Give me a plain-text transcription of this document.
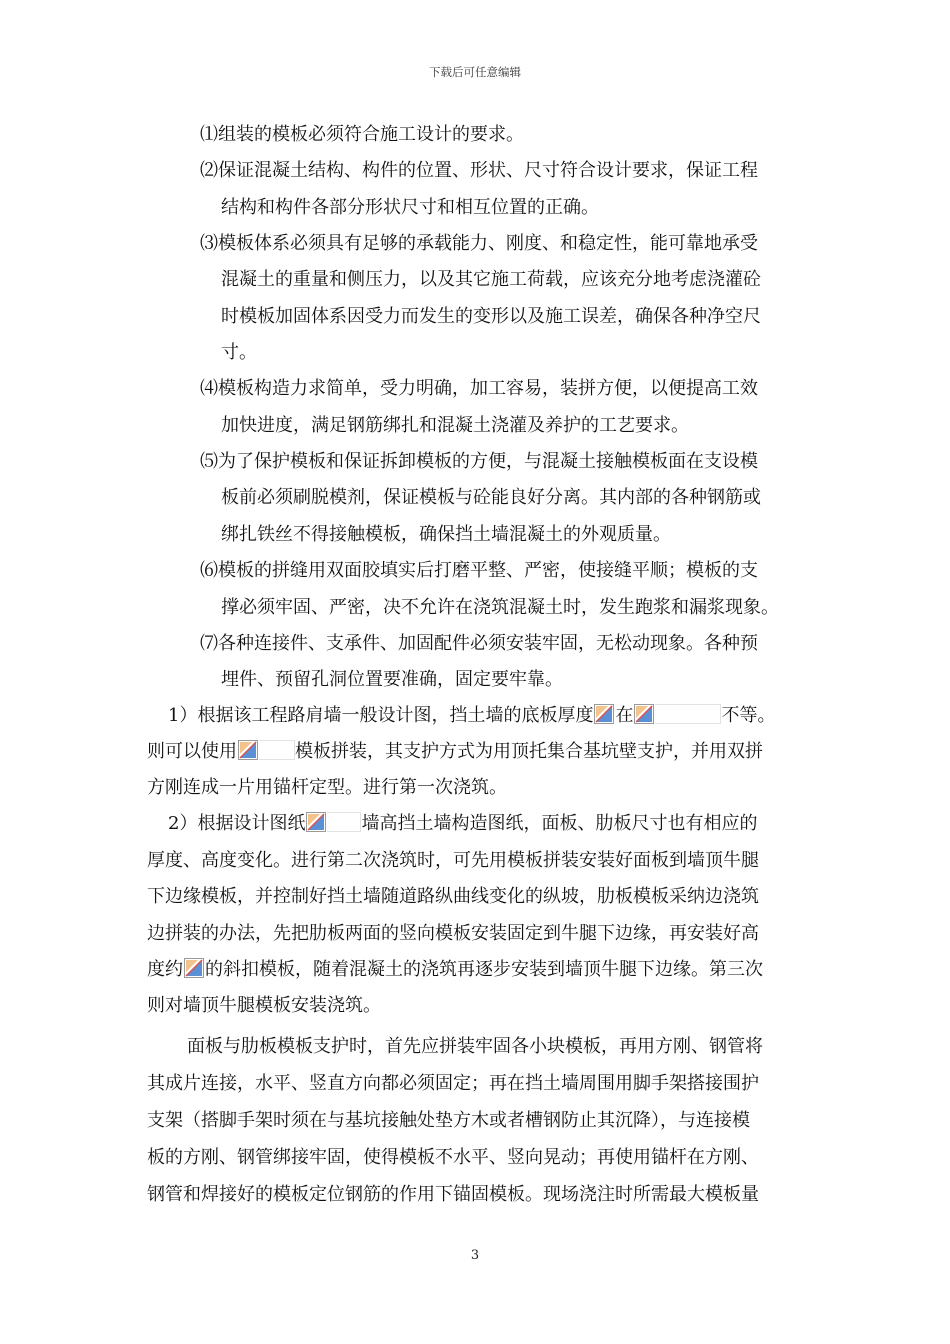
下载后可任意编辑
⑴组装的模板必须符合施工设计的要求。
⑵保证混凝土结构、构件的位置、形状、尺寸符合设计要求，保证工程
结构和构件各部分形状尺寸和相互位置的正确。
⑶模板体系必须具有足够的承载能力、刚度、和稳定性，能可靠地承受
混凝土的重量和侧压力，以及其它施工荷载，应该充分地考虑浇灌砼
时模板加固体系因受力而发生的变形以及施工误差，确保各种净空尺
寸。
⑷模板构造力求简单，受力明确，加工容易，装拼方便，以便提高工效
加快进度，满足钢筋绑扎和混凝土浇灌及养护的工艺要求。
⑸为了保护模板和保证拆卸模板的方便，与混凝土接触模板面在支设模
板前必须刷脱模剂，保证模板与砼能良好分离。其内部的各种钢筋或
绑扎铁丝不得接触模板，确保挡土墙混凝土的外观质量。
⑹模板的拼缝用双面胶填实后打磨平整、严密，使接缝平顺；模板的支
撑必须牢固、严密，决不允许在浇筑混凝土时，发生跑浆和漏浆现象。
⑺各种连接件、支承件、加固配件必须安装牢固，无松动现象。各种预
埋件、预留孔洞位置要准确，固定要牢靠。
1）根据该工程路肩墙一般设计图，挡土墙的底板厚度 在	不等。
则可以使用	模板拼装，其支护方式为用顶托集合基坑壁支护，并用双拼
方刚连成一片用锚杆定型。进行第一次浇筑。
2）根据设计图纸	墙高挡土墙构造图纸，面板、肋板尺寸也有相应的
厚度、高度变化。进行第二次浇筑时，可先用模板拼装安装好面板到墙顶牛腿
下边缘模板，并控制好挡土墙随道路纵曲线变化的纵坡，肋板模板采纳边浇筑
边拼装的办法，先把肋板两面的竖向模板安装固定到牛腿下边缘，再安装好高
度约 的斜扣模板，随着混凝土的浇筑再逐步安装到墙顶牛腿下边缘。第三次
则对墙顶牛腿模板安装浇筑。
面板与肋板模板支护时，首先应拼装牢固各小块模板，再用方刚、钢管将
其成片连接，水平、竖直方向都必须固定；再在挡土墙周围用脚手架搭接围护
支架（搭脚手架时须在与基坑接触处垫方木或者槽钢防止其沉降），与连接模
板的方刚、钢管绑接牢固，使得模板不水平、竖向晃动；再使用锚杆在方刚、
钢管和焊接好的模板定位钢筋的作用下锚固模板。现场浇注时所需最大模板量
3
